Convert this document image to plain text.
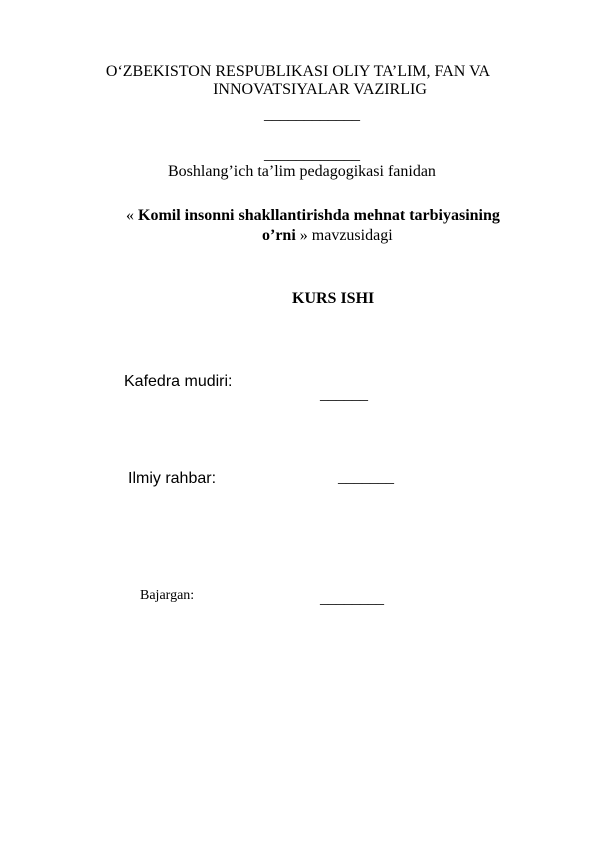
O‘ZBEKISTON RESPUBLIKASI OLIY TA’LIM, FAN VA
INNOVATSIYALAR VAZIRLIG
____________
____________
Boshlang’ich ta’lim pedagogikasi fanidan
« Komil insonni shakllantirishda mehnat tarbiyasining
o’rni » mavzusidagi
KURS ISHI
Kafedra mudiri:
______
Ilmiy rahbar:	_______
Bajargan:	________
